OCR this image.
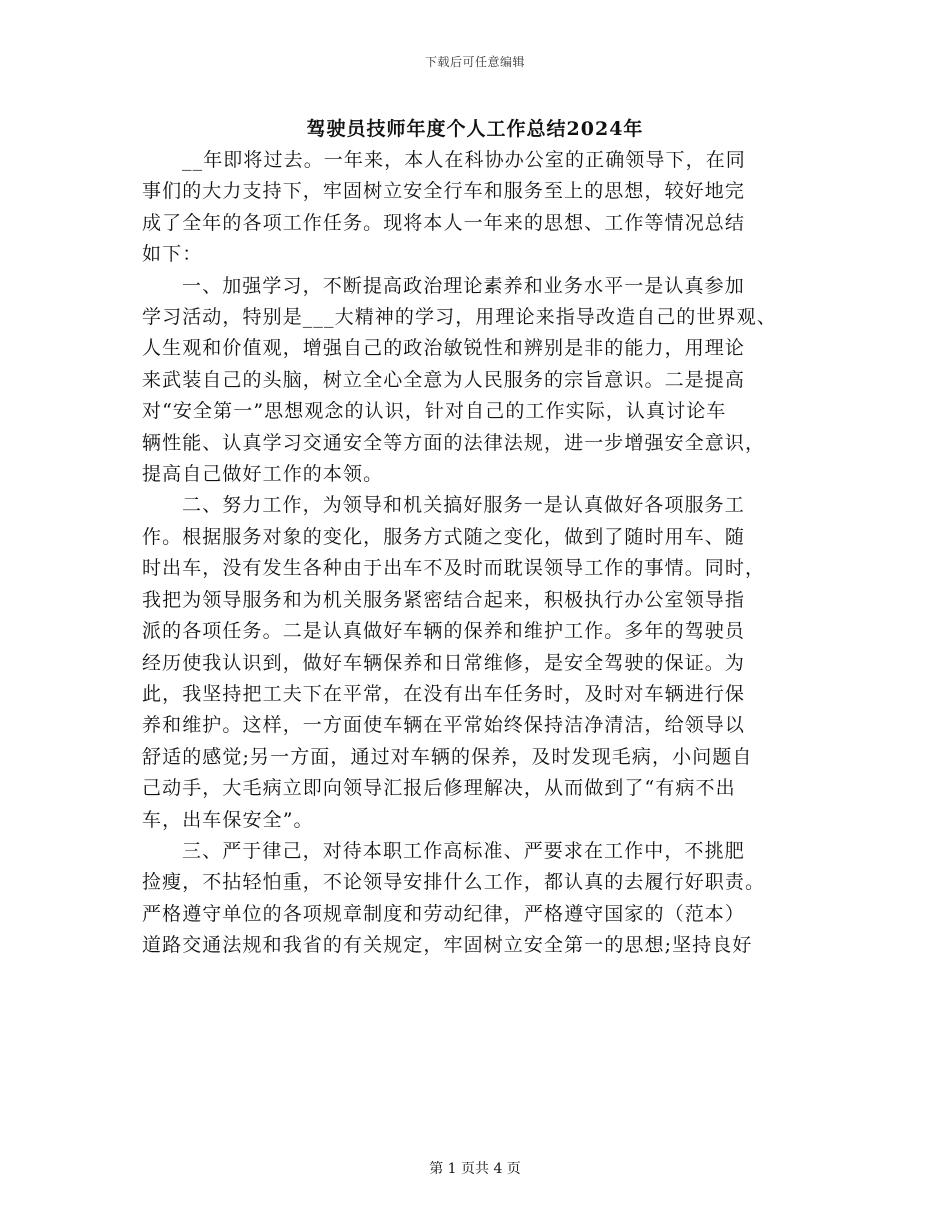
下载后可任意编辑
驾驶员技师年度个人工作总结2024年

__年即将过去。一年来，本人在科协办公室的正确领导下，在同
事们的大力支持下，牢固树立安全行车和服务至上的思想，较好地完
成了全年的各项工作任务。现将本人一年来的思想、工作等情况总结
如下：

一、加强学习，不断提高政治理论素养和业务水平一是认真参加
学习活动，特别是___大精神的学习，用理论来指导改造自己的世界观、
人生观和价值观，增强自己的政治敏锐性和辨别是非的能力，用理论
来武装自己的头脑，树立全心全意为人民服务的宗旨意识。二是提高
对“安全第一”思想观念的认识，针对自己的工作实际，认真讨论车
辆性能、认真学习交通安全等方面的法律法规，进一步增强安全意识，
提高自己做好工作的本领。

二、努力工作，为领导和机关搞好服务一是认真做好各项服务工
作。根据服务对象的变化，服务方式随之变化，做到了随时用车、随
时出车，没有发生各种由于出车不及时而耽误领导工作的事情。同时，
我把为领导服务和为机关服务紧密结合起来，积极执行办公室领导指
派的各项任务。二是认真做好车辆的保养和维护工作。多年的驾驶员
经历使我认识到，做好车辆保养和日常维修，是安全驾驶的保证。为
此，我坚持把工夫下在平常，在没有出车任务时，及时对车辆进行保
养和维护。这样，一方面使车辆在平常始终保持洁净清洁，给领导以
舒适的感觉;另一方面，通过对车辆的保养，及时发现毛病，小问题自
己动手，大毛病立即向领导汇报后修理解决，从而做到了“有病不出
车，出车保安全”。

三、严于律己，对待本职工作高标准、严要求在工作中，不挑肥
捡瘦，不拈轻怕重，不论领导安排什么工作，都认真的去履行好职责。
严格遵守单位的各项规章制度和劳动纪律，严格遵守国家的（范本）
道路交通法规和我省的有关规定，牢固树立安全第一的思想;坚持良好

第 1 页共 4 页
